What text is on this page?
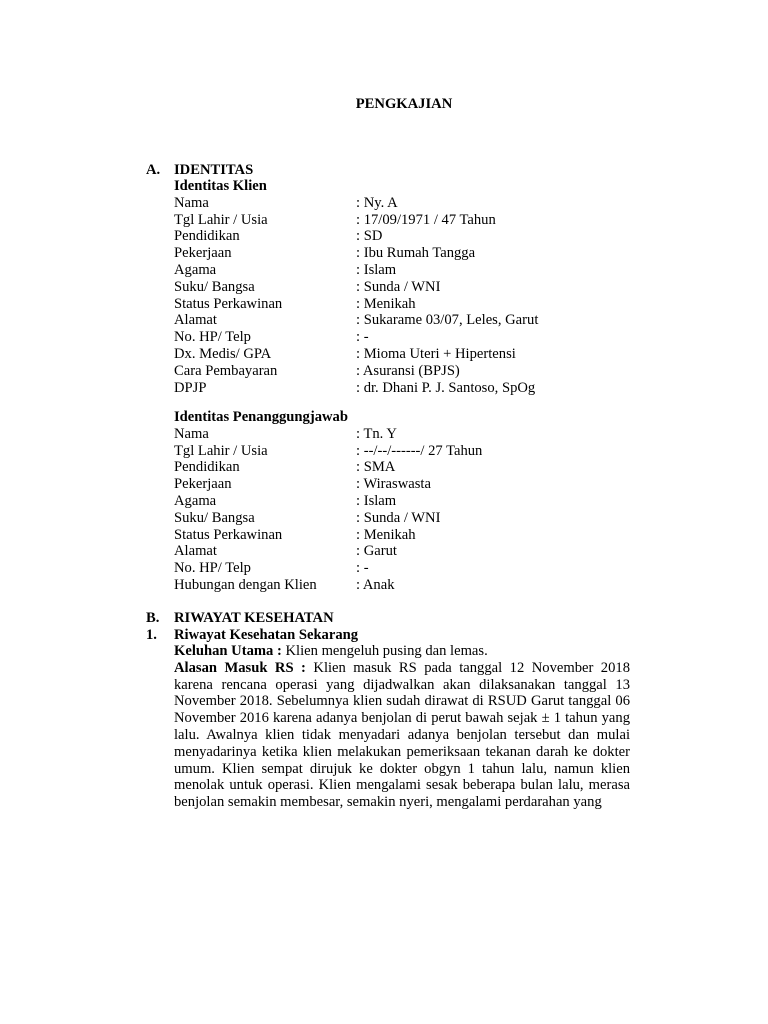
PENGKAJIAN
A. IDENTITAS
Identitas Klien
Nama	: Ny. A
Tgl Lahir / Usia	: 17/09/1971 / 47 Tahun
Pendidikan	: SD
Pekerjaan	: Ibu Rumah Tangga
Agama	: Islam
Suku/ Bangsa	: Sunda / WNI
Status Perkawinan	: Menikah
Alamat	: Sukarame 03/07, Leles, Garut
No. HP/ Telp	: -
Dx. Medis/ GPA	: Mioma Uteri + Hipertensi
Cara Pembayaran	: Asuransi (BPJS)
DPJP	: dr. Dhani P. J. Santoso, SpOg
Identitas Penanggungjawab
Nama	: Tn. Y
Tgl Lahir / Usia	: --/--/------/ 27 Tahun
Pendidikan	: SMA
Pekerjaan	: Wiraswasta
Agama	: Islam
Suku/ Bangsa	: Sunda / WNI
Status Perkawinan	: Menikah
Alamat	: Garut
No. HP/ Telp	: -
Hubungan dengan Klien	: Anak
B. RIWAYAT KESEHATAN
1. Riwayat Kesehatan Sekarang
Keluhan Utama : Klien mengeluh pusing dan lemas.
Alasan Masuk RS : Klien masuk RS pada tanggal 12 November 2018 karena rencana operasi yang dijadwalkan akan dilaksanakan tanggal 13 November 2018. Sebelumnya klien sudah dirawat di RSUD Garut tanggal 06 November 2016 karena adanya benjolan di perut bawah sejak ± 1 tahun yang lalu. Awalnya klien tidak menyadari adanya benjolan tersebut dan mulai menyadarinya ketika klien melakukan pemeriksaan tekanan darah ke dokter umum. Klien sempat dirujuk ke dokter obgyn 1 tahun lalu, namun klien menolak untuk operasi. Klien mengalami sesak beberapa bulan lalu, merasa benjolan semakin membesar, semakin nyeri, mengalami perdarahan yang
